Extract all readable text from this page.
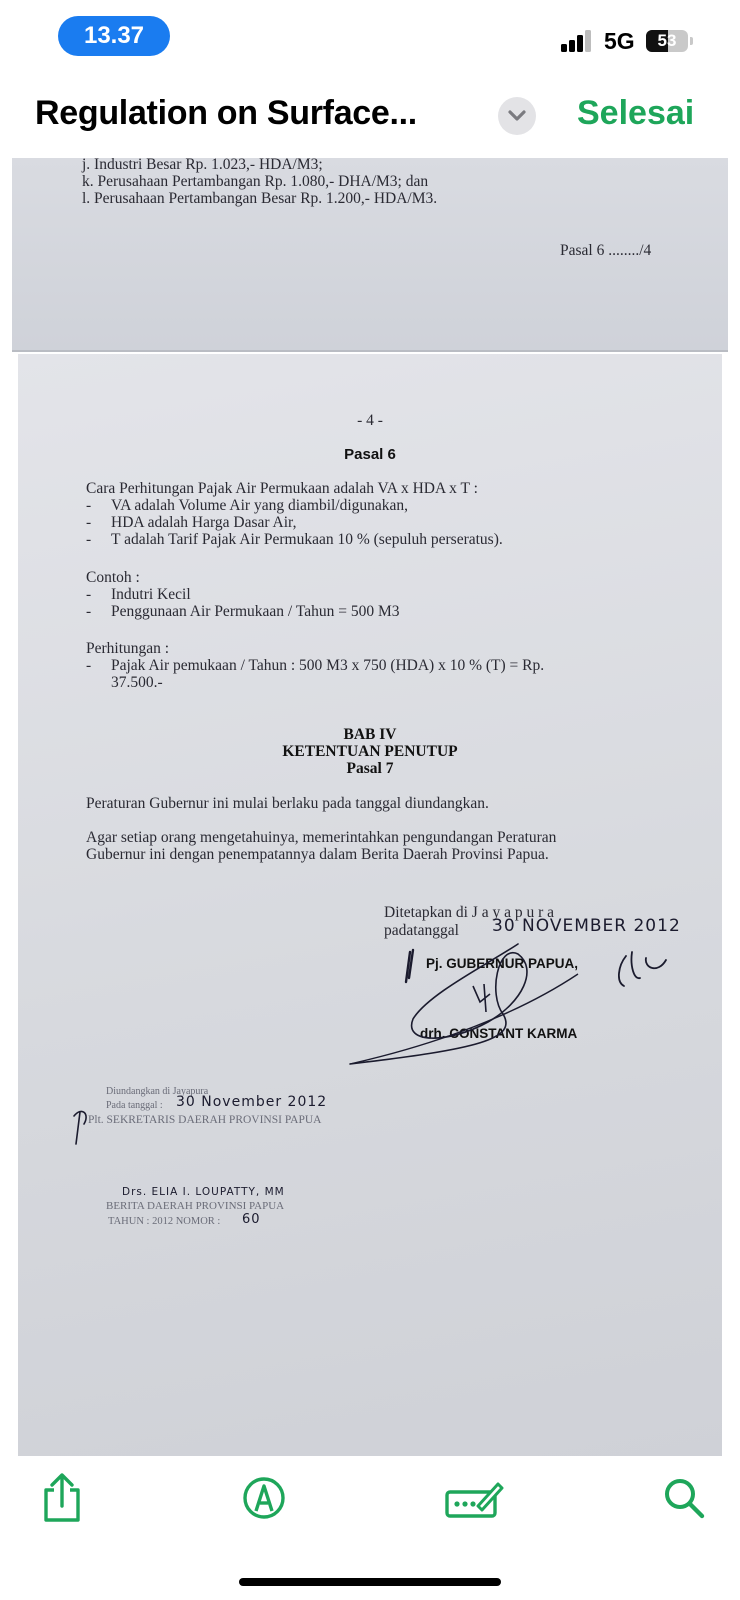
13.37	5G	53
Regulation on Surface...	Selesai
j. Industri Besar Rp. 1.023,- HDA/M3;
k. Perusahaan Pertambangan Rp. 1.080,- DHA/M3; dan
l. Perusahaan Pertambangan Besar Rp. 1.200,- HDA/M3.
Pasal 6 ......../4
- 4 -
Pasal 6
Cara Perhitungan Pajak Air Permukaan adalah VA x HDA x T :
- VA adalah Volume Air yang diambil/digunakan,
- HDA adalah Harga Dasar Air,
- T adalah Tarif Pajak Air Permukaan 10 % (sepuluh perseratus).
Contoh :
- Indutri Kecil
- Penggunaan Air Permukaan / Tahun = 500 M3
Perhitungan :
- Pajak Air pemukaan / Tahun : 500 M3 x 750 (HDA) x 10 % (T) = Rp.
37.500.-
BAB IV
KETENTUAN PENUTUP
Pasal 7
Peraturan Gubernur ini mulai berlaku pada tanggal diundangkan.
Agar setiap orang mengetahuinya, memerintahkan pengundangan Peraturan
Gubernur ini dengan penempatannya dalam Berita Daerah Provinsi Papua.
Ditetapkan di J a y a p u r a
padatanggal 30 NOVEMBER 2012
Pj. GUBERNUR PAPUA,
drh. CONSTANT KARMA
Diundangkan di Jayapura
Pada tanggal : 30 November 2012
Plt. SEKRETARIS DAERAH PROVINSI PAPUA
Drs. ELIA I. LOUPATTY, MM
BERITA DAERAH PROVINSI PAPUA
TAHUN : 2012 NOMOR : 60
